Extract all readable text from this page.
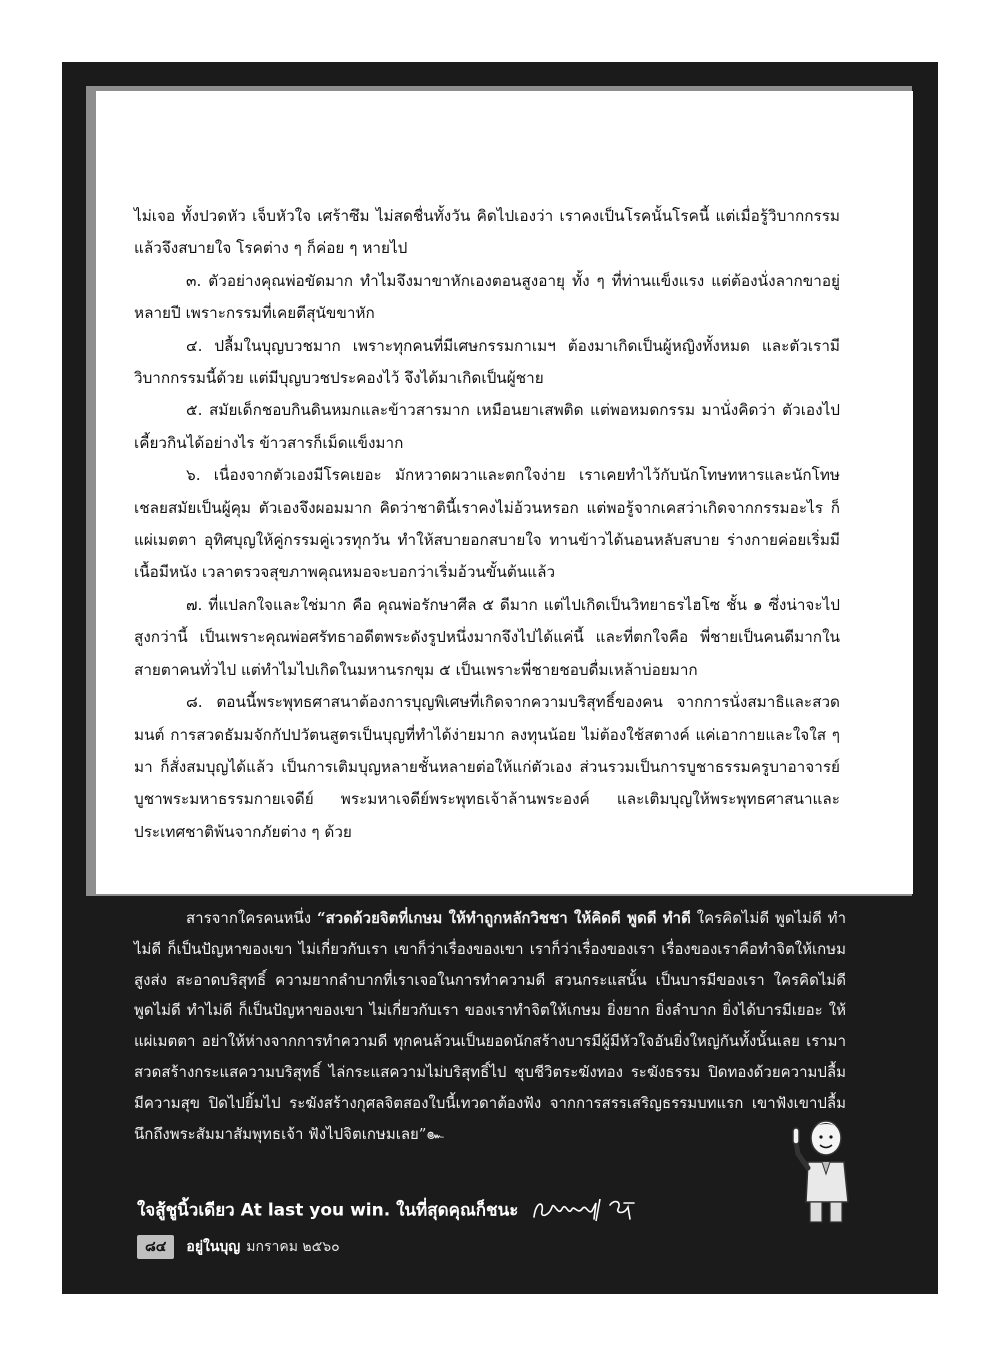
ไม่เจอ ทั้งปวดหัว เจ็บหัวใจ เศร้าซึม ไม่สดชื่นทั้งวัน คิดไปเองว่า เราคงเป็นโรคนั้นโรคนี้ แต่เมื่อรู้วิบากกรรมแล้วจึงสบายใจ โรคต่าง ๆ ก็ค่อย ๆ หายไป

๓. ตัวอย่างคุณพ่อขัดมาก ทำไมจึงมาขาหักเองตอนสูงอายุ ทั้ง ๆ ที่ท่านแข็งแรง แต่ต้องนั่งลากขาอยู่หลายปี เพราะกรรมที่เคยตีสุนัขขาหัก

๔. ปลื้มในบุญบวชมาก เพราะทุกคนที่มีเศษกรรมกาเมฯ ต้องมาเกิดเป็นผู้หญิงทั้งหมด และตัวเรามีวิบากกรรมนี้ด้วย แต่มีบุญบวชประคองไว้ จึงได้มาเกิดเป็นผู้ชาย

๕. สมัยเด็กชอบกินดินหมกและข้าวสารมาก เหมือนยาเสพติด แต่พอหมดกรรม มานั่งคิดว่า ตัวเองไปเคี้ยวกินได้อย่างไร ข้าวสารก็เม็ดแข็งมาก

๖. เนื่องจากตัวเองมีโรคเยอะ มักหวาดผวาและตกใจง่าย เราเคยทำไว้กับนักโทษทหารและนักโทษเชลยสมัยเป็นผู้คุม ตัวเองจึงผอมมาก คิดว่าชาตินี้เราคงไม่อ้วนหรอก แต่พอรู้จากเคสว่าเกิดจากกรรมอะไร ก็แผ่เมตตา อุทิศบุญให้คู่กรรมคู่เวรทุกวัน ทำให้สบายอกสบายใจ ทานข้าวได้นอนหลับสบาย ร่างกายค่อยเริ่มมีเนื้อมีหนัง เวลาตรวจสุขภาพคุณหมอจะบอกว่าเริ่มอ้วนขั้นต้นแล้ว

๗. ที่แปลกใจและใช่มาก คือ คุณพ่อรักษาศีล ๕ ดีมาก แต่ไปเกิดเป็นวิทยาธรไฮโซ ชั้น ๑ ซึ่งน่าจะไปสูงกว่านี้ เป็นเพราะคุณพ่อศรัทธาอดีตพระดังรูปหนึ่งมากจึงไปได้แค่นี้ และที่ตกใจคือ พี่ชายเป็นคนดีมากในสายตาคนทั่วไป แต่ทำไมไปเกิดในมหานรกขุม ๕ เป็นเพราะพี่ชายชอบดื่มเหล้าบ่อยมาก

๘. ตอนนี้พระพุทธศาสนาต้องการบุญพิเศษที่เกิดจากความบริสุทธิ์ของคน จากการนั่งสมาธิและสวดมนต์ การสวดธัมมจักกัปปวัตนสูตรเป็นบุญที่ทำได้ง่ายมาก ลงทุนน้อย ไม่ต้องใช้สตางค์ แค่เอากายและใจใส ๆ มา ก็สั่งสมบุญได้แล้ว เป็นการเติมบุญหลายชั้นหลายต่อให้แก่ตัวเอง ส่วนรวมเป็นการบูชาธรรมครูบาอาจารย์ บูชาพระมหาธรรมกายเจดีย์ พระมหาเจดีย์พระพุทธเจ้าล้านพระองค์ และเติมบุญให้พระพุทธศาสนาและประเทศชาติพ้นจากภัยต่าง ๆ ด้วย

สารจากใครคนหนึ่ง “สวดด้วยจิตที่เกษม ให้ทำถูกหลักวิชชา ให้คิดดี พูดดี ทำดี ใครคิดไม่ดี พูดไม่ดี ทำไม่ดี ก็เป็นปัญหาของเขา ไม่เกี่ยวกับเรา เขาก็ว่าเรื่องของเขา เราก็ว่าเรื่องของเรา เรื่องของเราคือทำจิตให้เกษม สูงส่ง สะอาดบริสุทธิ์ ความยากลำบากที่เราเจอในการทำความดี สวนกระแสนั้น เป็นบารมีของเรา ใครคิดไม่ดี พูดไม่ดี ทำไม่ดี ก็เป็นปัญหาของเขา ไม่เกี่ยวกับเรา ของเราทำจิตให้เกษม ยิ่งยาก ยิ่งลำบาก ยิ่งได้บารมีเยอะ ให้แผ่เมตตา อย่าให้ห่างจากการทำความดี ทุกคนล้วนเป็นยอดนักสร้างบารมีผู้มีหัวใจอันยิ่งใหญ่กันทั้งนั้นเลย เรามาสวดสร้างกระแสความบริสุทธิ์ ไล่กระแสความไม่บริสุทธิ์ไป ชุบชีวิตระฆังทอง ระฆังธรรม ปิดทองด้วยความปลื้ม มีความสุข ปิดไปยิ้มไป ระฆังสร้างกุศลจิตสองใบนี้เทวดาต้องฟัง จากการสรรเสริญธรรมบทแรก เขาฟังเขาปลื้ม นึกถึงพระสัมมาสัมพุทธเจ้า ฟังไปจิตเกษมเลย”๛
ใจสู้ชูนิ้วเดียว At last you win. ในที่สุดคุณก็ชนะ
๘๔	อยู่ในบุญ มกราคม ๒๕๖๐
